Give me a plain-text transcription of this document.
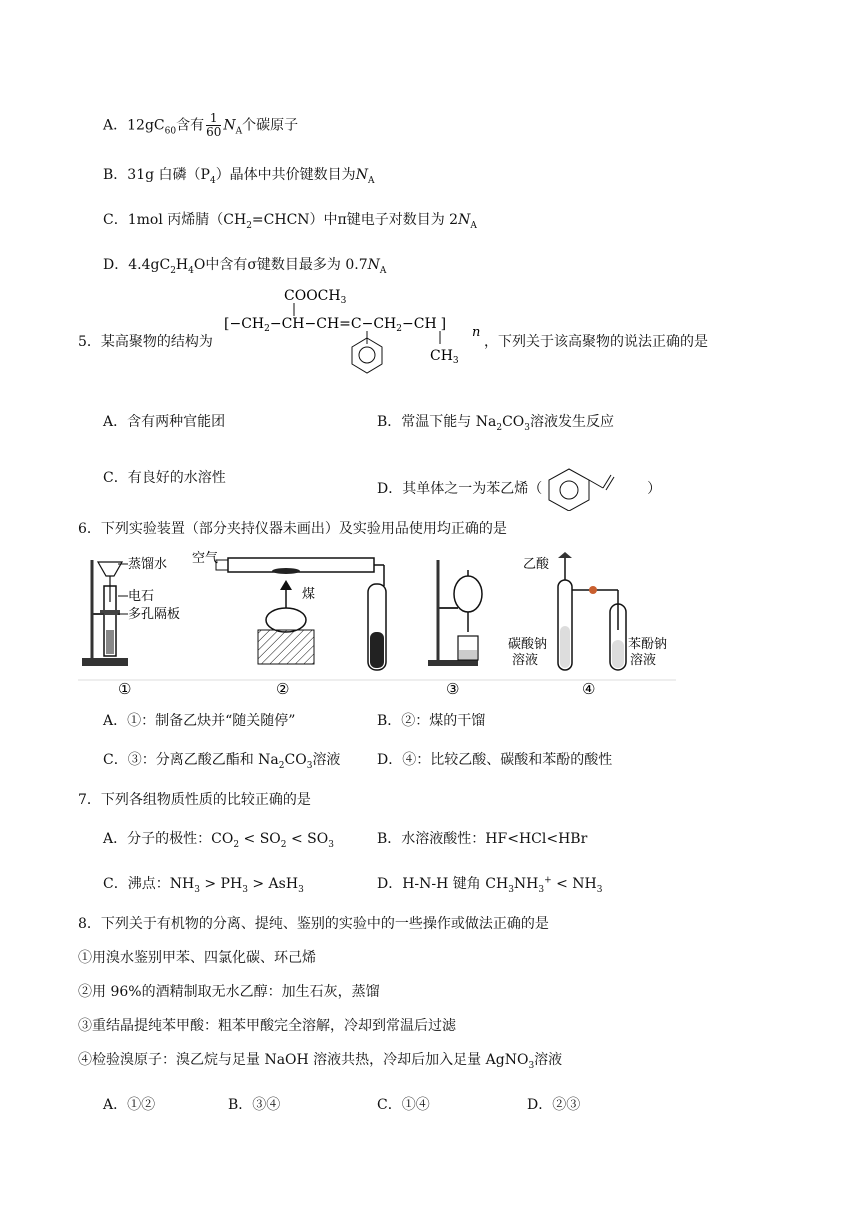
A．$12gC_{60}$含有 $\frac{1}{60} N_A$个碳原子
B．31g 白磷$(P_4)$晶体中共价键数目为$N_A$
C．1mol 丙烯腈$(CH_2=CHCN)$中π键电子对数目为 $2N_A$
D．$4.4gC_2H_4O$中含有σ键数目最多为 $0.7N_A$
5．某高聚物的结构为
$COOCH_3$
[$-CH_2-CH-CH=C-CH_2-CH$ ]
n
$CH_3$
，下列关于该高聚物的说法正确的是
A．含有两种官能团	B．常温下能与 $Na_2CO_3$溶液发生反应
C．有良好的水溶性
D．其单体之一为苯乙烯（	）
6．下列实验装置（部分夹持仪器未画出）及实验用品使用均正确的是
蒸馏水
电石
多孔隔板
空气
煤
乙酸
碳酸钠
溶液
苯酚钠
溶液
①	②	③	④
A．①：制备乙炔并“随关随停”	B．②：煤的干馏
C．③：分离乙酸乙酯和 $Na_2CO_3$溶液	D．④：比较乙酸、碳酸和苯酚的酸性
7．下列各组物质性质的比较正确的是
A．分子的极性：$CO_2 < SO_2 < SO_3$	B．水溶液酸性：HF<HCl<HBr
C．沸点：$NH_3 > PH_3 > AsH_3$	D．H-N-H 键角 $CH_3NH_3^+ < NH_3$
8．下列关于有机物的分离、提纯、鉴别的实验中的一些操作或做法正确的是
①用溴水鉴别甲苯、四氯化碳、环己烯
②用 96%的酒精制取无水乙醇：加生石灰，蒸馏
③重结晶提纯苯甲酸：粗苯甲酸完全溶解，冷却到常温后过滤
④检验溴原子：溴乙烷与足量 NaOH 溶液共热，冷却后加入足量 AgNO$_3$溶液
A．①②	B．③④	C．①④	D．②③
